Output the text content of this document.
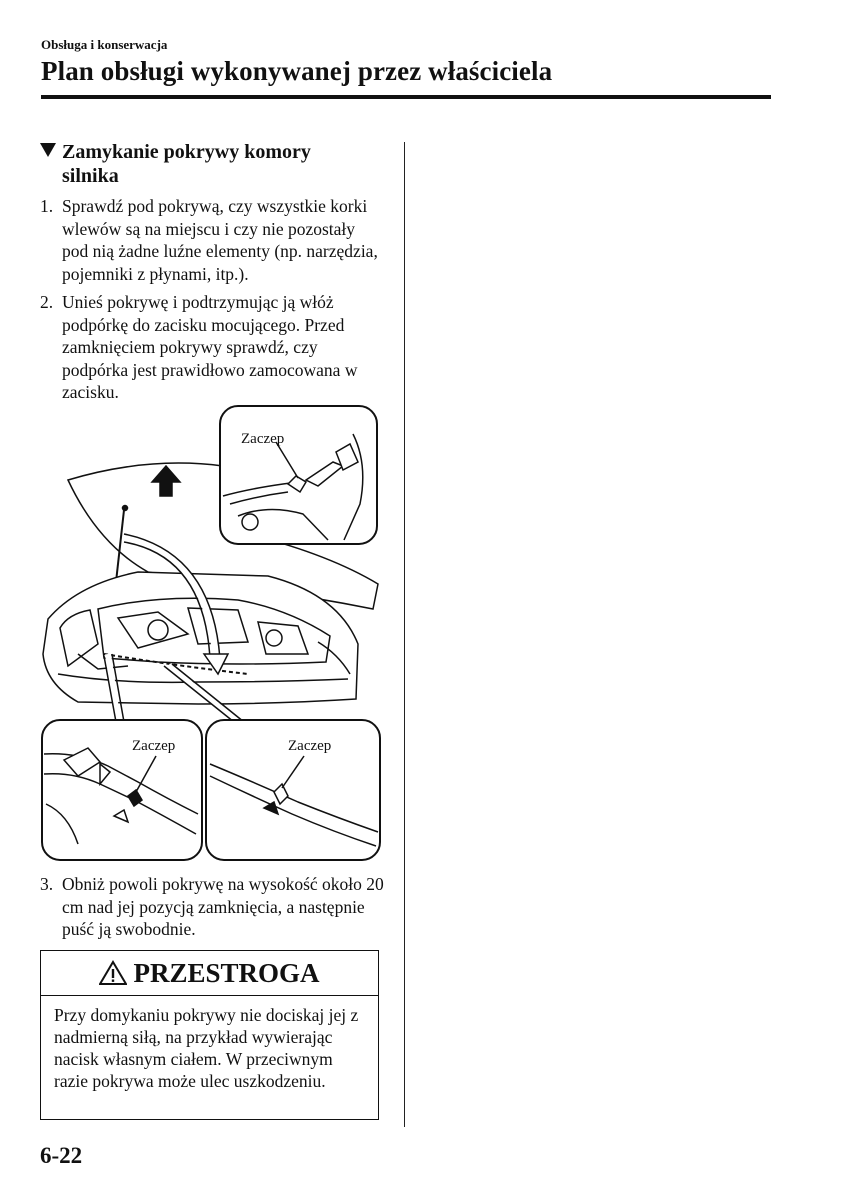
Obsługa i konserwacja
Plan obsługi wykonywanej przez właściciela
Zamykanie pokrywy komory
silnika
1. Sprawdź pod pokrywą, czy wszystkie korki wlewów są na miejscu i czy nie pozostały pod nią żadne luźne elementy (np. narzędzia, pojemniki z płynami, itp.).
2. Unieś pokrywę i podtrzymując ją włóż podpórkę do zacisku mocującego. Przed zamknięciem pokrywy sprawdź, czy podpórka jest prawidłowo zamocowana w zacisku.
Zaczep
Zaczep	Zaczep
3. Obniż powoli pokrywę na wysokość około 20 cm nad jej pozycją zamknięcia, a następnie puść ją swobodnie.
PRZESTROGA
Przy domykaniu pokrywy nie dociskaj jej z nadmierną siłą, na przykład wywierając nacisk własnym ciałem. W przeciwnym razie pokrywa może ulec uszkodzeniu.
6-22
